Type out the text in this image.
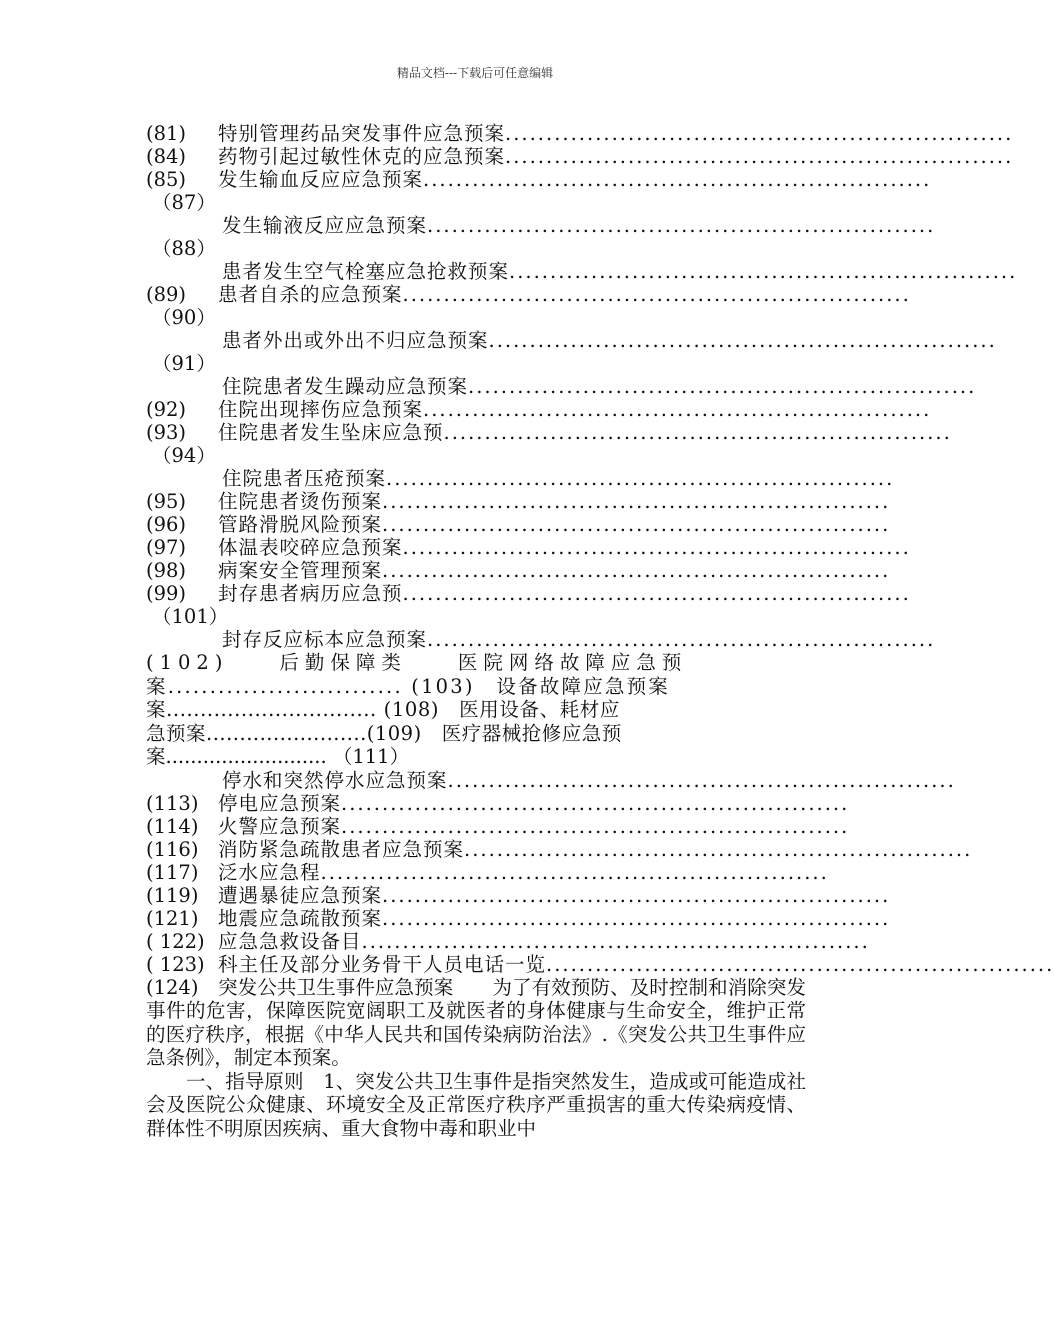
精品文档---下载后可任意编辑
(81) 特别管理药品突发事件应急预案..............................................................
(84) 药物引起过敏性休克的应急预案..............................................................
(85) 发生输血反应应急预案..............................................................
（87）
发生输液反应应急预案..............................................................
（88）
患者发生空气栓塞应急抢救预案..............................................................
(89) 患者自杀的应急预案..............................................................
（90）
患者外出或外出不归应急预案..............................................................
（91）
住院患者发生躁动应急预案..............................................................
(92) 住院出现摔伤应急预案..............................................................
(93) 住院患者发生坠床应急预..............................................................
（94）
住院患者压疮预案..............................................................
(95) 住院患者烫伤预案..............................................................
(96) 管路滑脱风险预案..............................................................
(97) 体温表咬碎应急预案..............................................................
(98) 病案安全管理预案..............................................................
(99) 封存患者病历应急预..............................................................
（101）
封存反应标本应急预案..............................................................

(102)　　后勤保障类　　医院网络故障应急预

案............................ (103)　设备故障应急预案

案............................... (108)　医用设备、耗材应

急预案........................(109)　医疗器械抢修应急预

案.......................... （111）

停水和突然停水应急预案..............................................................
(113) 停电应急预案..............................................................
(114) 火警应急预案..............................................................
(116) 消防紧急疏散患者应急预案..............................................................
(117) 泛水应急程..............................................................
(119) 遭遇暴徒应急预案..............................................................
(121) 地震应急疏散预案..............................................................
( 122) 应急急救设备目..............................................................
( 123) 科主任及部分业务骨干人员电话一览..............................................................

(124)　突发公共卫生事件应急预案　　为了有效预防、及时控制和消除突发事件的危害，保障医院宽阔职工及就医者的身体健康与生命安全，维护正常的医疗秩序，根据《中华人民共和国传染病防治法》.《突发公共卫生事件应急条例》，制定本预案。

一、指导原则　1、突发公共卫生事件是指突然发生，造成或可能造成社会及医院公众健康、环境安全及正常医疗秩序严重损害的重大传染病疫情、群体性不明原因疾病、重大食物中毒和职业中
